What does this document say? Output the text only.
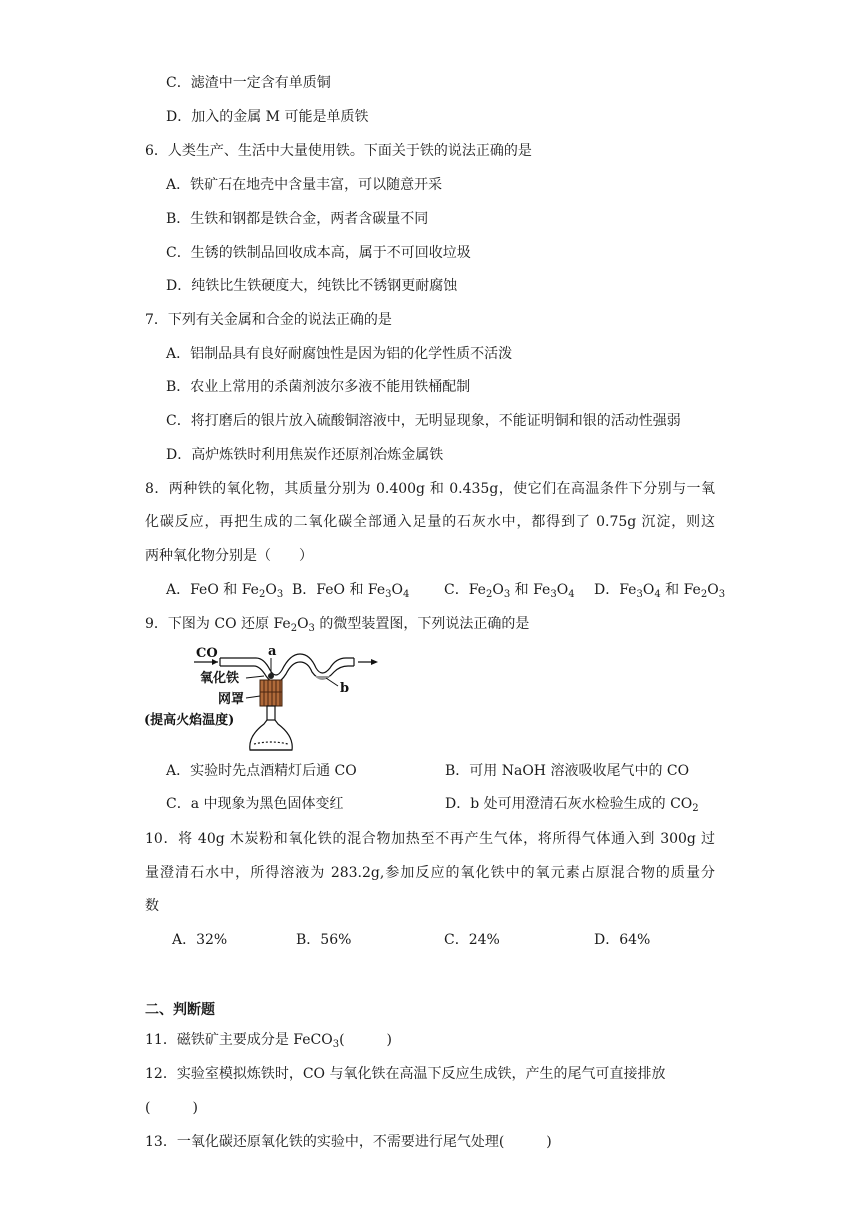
C．滤渣中一定含有单质铜
D．加入的金属 M 可能是单质铁
6．人类生产、生活中大量使用铁。下面关于铁的说法正确的是
A．铁矿石在地壳中含量丰富，可以随意开采
B．生铁和钢都是铁合金，两者含碳量不同
C．生锈的铁制品回收成本高，属于不可回收垃圾
D．纯铁比生铁硬度大，纯铁比不锈钢更耐腐蚀
7．下列有关金属和合金的说法正确的是
A．铝制品具有良好耐腐蚀性是因为铝的化学性质不活泼
B．农业上常用的杀菌剂波尔多液不能用铁桶配制
C．将打磨后的银片放入硫酸铜溶液中，无明显现象，不能证明铜和银的活动性强弱
D．高炉炼铁时利用焦炭作还原剂冶炼金属铁
8．两种铁的氧化物，其质量分别为 0.400g 和 0.435g，使它们在高温条件下分别与一氧
化碳反应，再把生成的二氧化碳全部通入足量的石灰水中，都得到了 0.75g 沉淀，则这
两种氧化物分别是（　　）
A．FeO 和 $Fe_2O_3$ B．FeO 和 $Fe_3O_4$ C．$Fe_2O_3$ 和 $Fe_3O_4$ D．$Fe_3O_4$ 和 $Fe_2O_3$
9．下图为 CO 还原 $Fe_2O_3$ 的微型装置图，下列说法正确的是
CO	a
b
氧化铁
网罩
(提高火焰温度)
A．实验时先点酒精灯后通 CO	B．可用 NaOH 溶液吸收尾气中的 CO
C．a 中现象为黑色固体变红	D．b 处可用澄清石灰水检验生成的 $CO_2$
10．将 40g 木炭粉和氧化铁的混合物加热至不再产生气体，将所得气体通入到 300g 过
量澄清石水中，所得溶液为 283.2g,参加反应的氧化铁中的氧元素占原混合物的质量分
数
A．32%	B．56%	C．24%	D．64%
二、判断题
11．磁铁矿主要成分是 FeCO$_3$(　　　)
12．实验室模拟炼铁时，CO 与氧化铁在高温下反应生成铁，产生的尾气可直接排放
(　　　)
13．一氧化碳还原氧化铁的实验中，不需要进行尾气处理(　　　)
